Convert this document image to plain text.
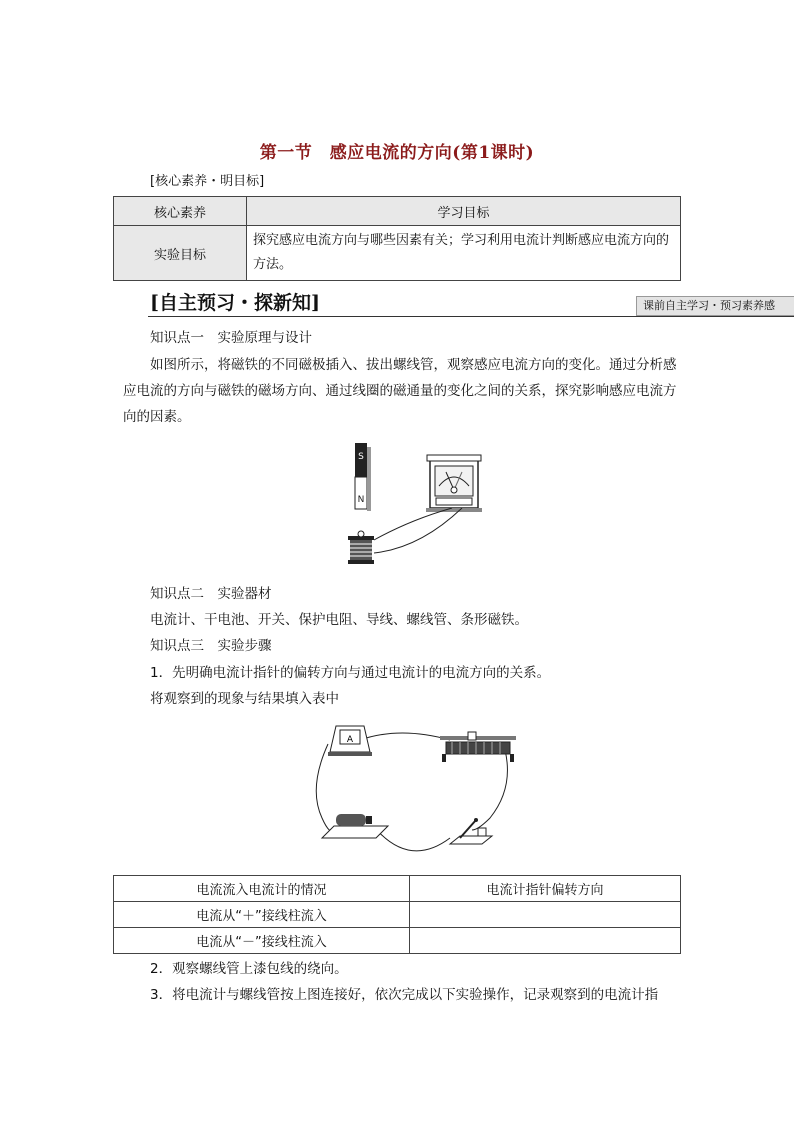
第一节　感应电流的方向(第1课时)
[核心素养・明目标]
核心素养	学习目标
实验目标	探究感应电流方向与哪些因素有关；学习利用电流计判断感应电流方向的方法。
[自主预习・探新知]	课前自主学习・预习素养感
知识点一　实验原理与设计
如图所示，将磁铁的不同磁极插入、拔出螺线管，观察感应电流方向的变化。通过分析感应电流的方向与磁铁的磁场方向、通过线圈的磁通量的变化之间的关系，探究影响感应电流方向的因素。
S
N
知识点二　实验器材
电流计、干电池、开关、保护电阻、导线、螺线管、条形磁铁。
知识点三　实验步骤
1．先明确电流计指针的偏转方向与通过电流计的电流方向的关系。
将观察到的现象与结果填入表中
A
电流流入电流计的情况	电流计指针偏转方向
电流从“＋”接线柱流入	
电流从“－”接线柱流入	
2．观察螺线管上漆包线的绕向。
3．将电流计与螺线管按上图连接好，依次完成以下实验操作，记录观察到的电流计指
